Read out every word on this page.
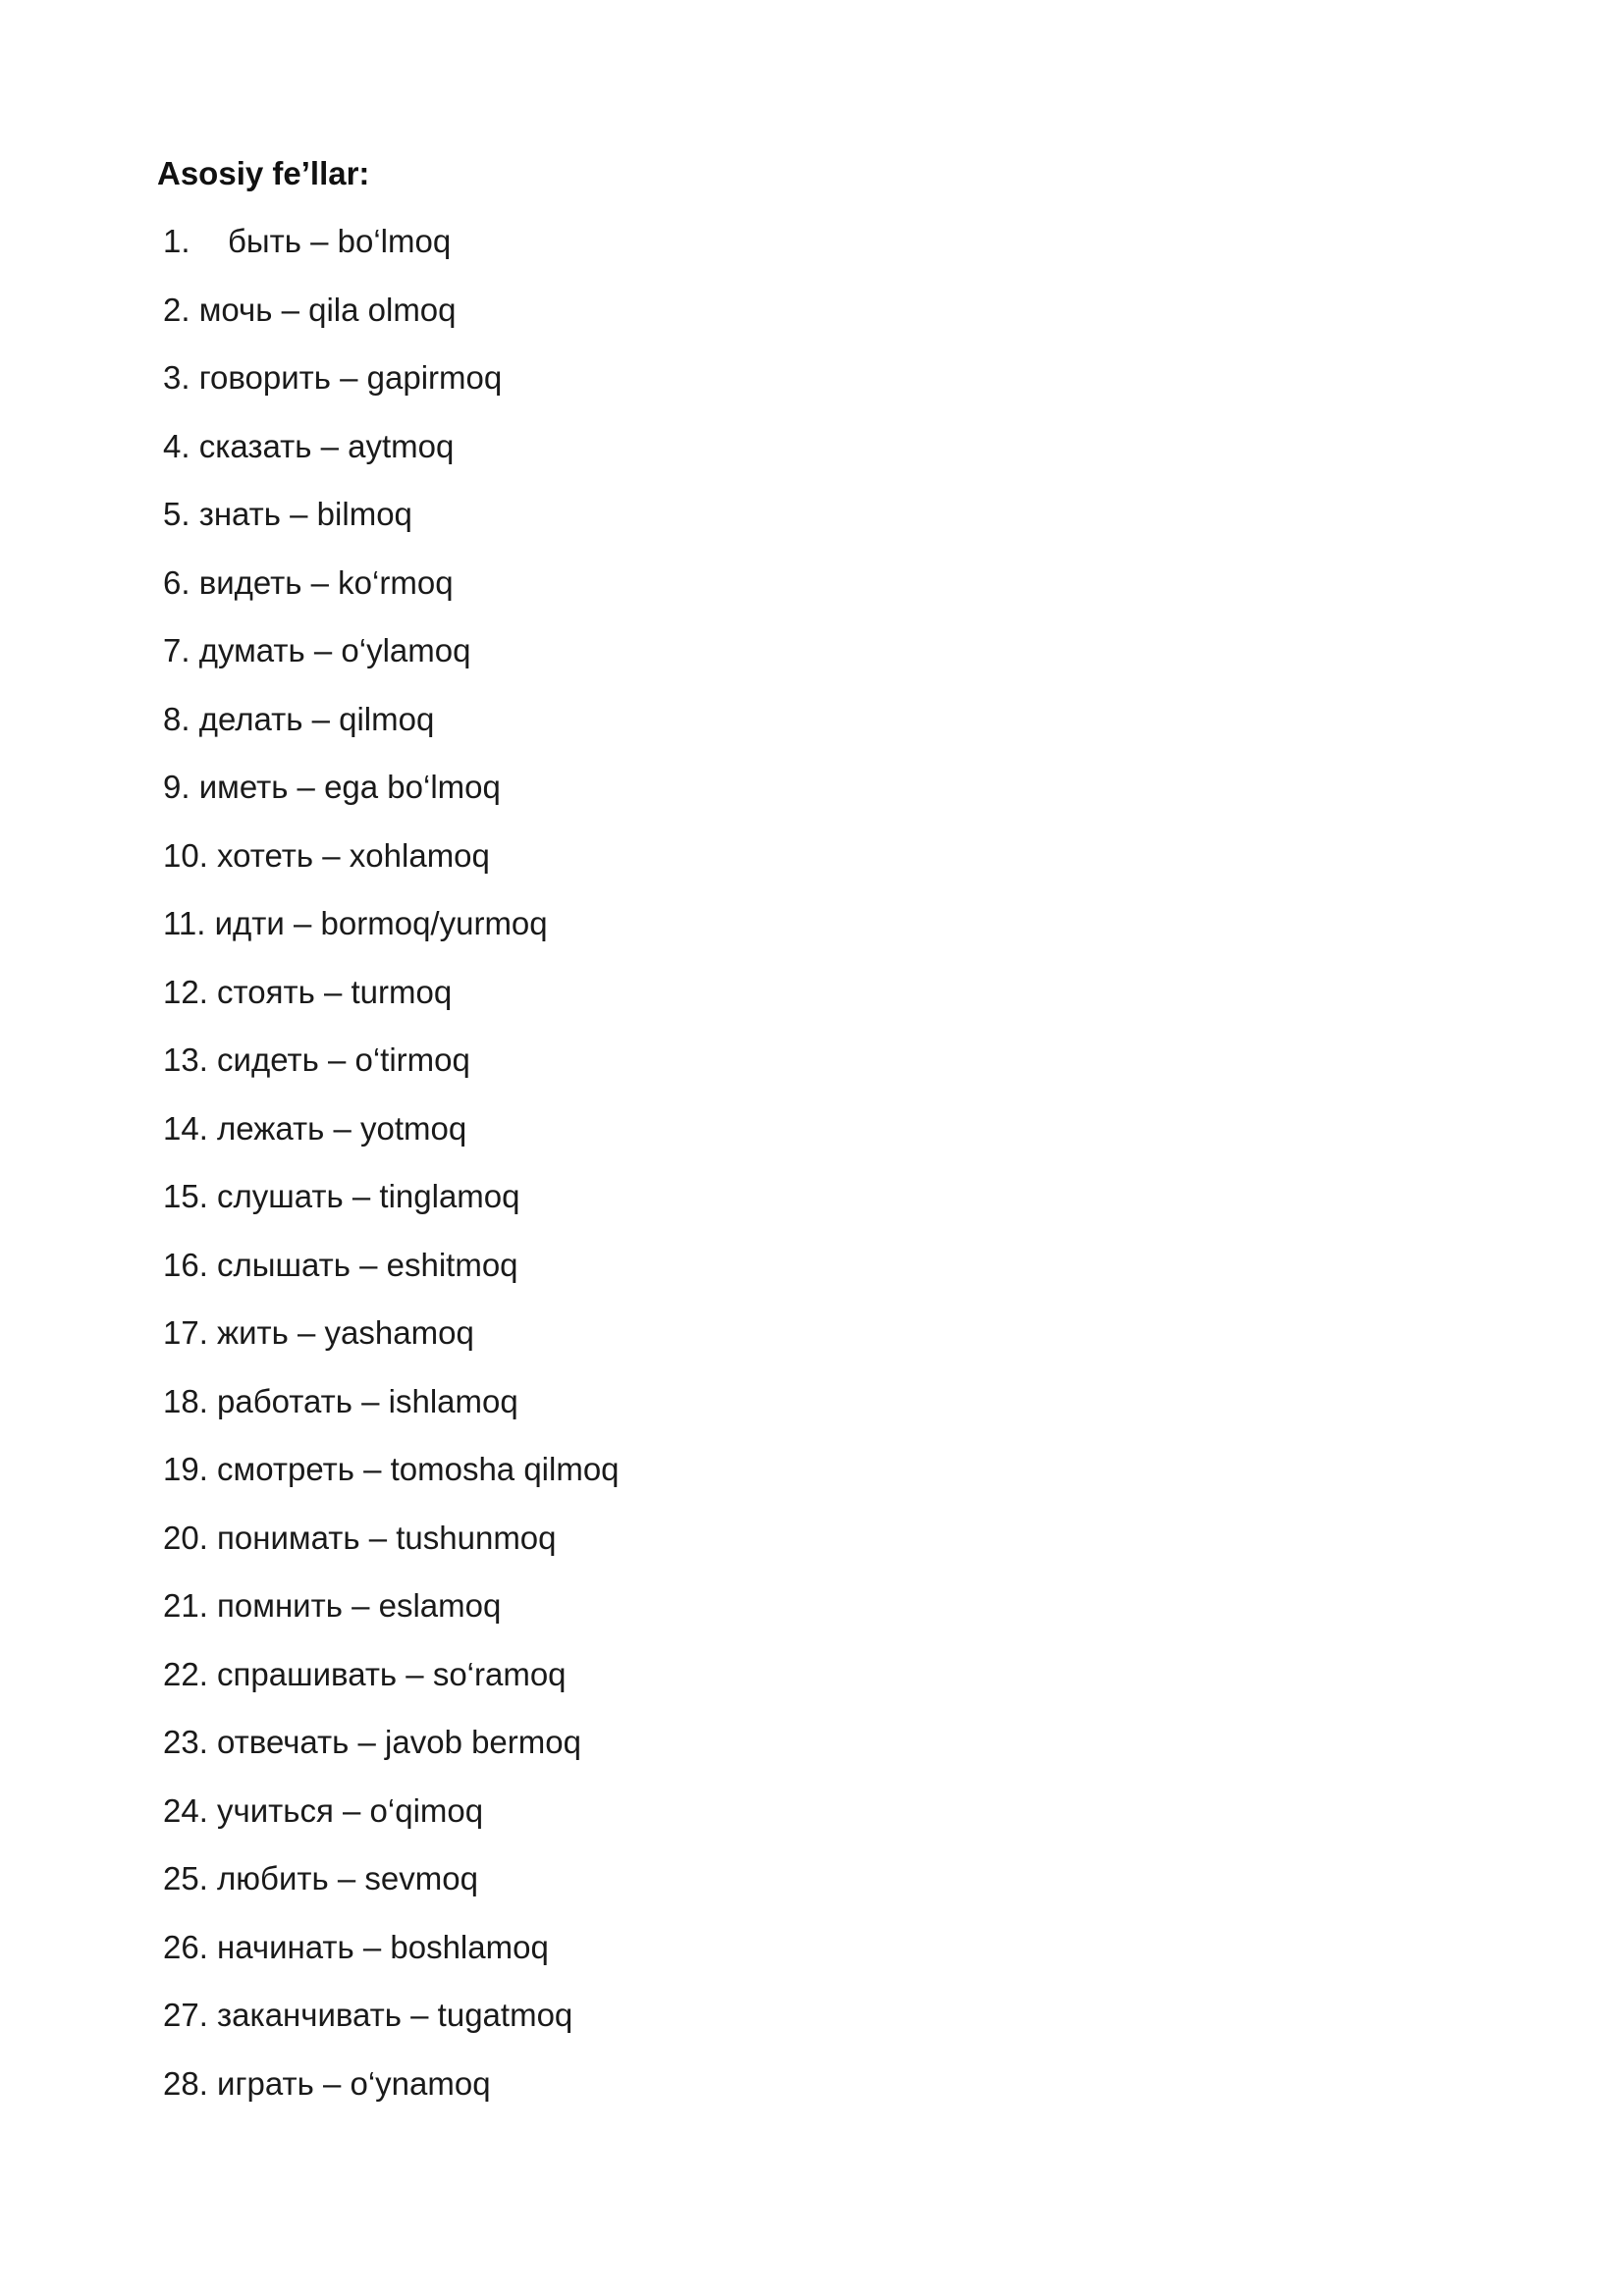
Asosiy fe’llar:
1. быть – bo‘lmoq
2. мочь – qila olmoq
3. говорить – gapirmoq
4. сказать – aytmoq
5. знать – bilmoq
6. видеть – ko‘rmoq
7. думать – o‘ylamoq
8. делать – qilmoq
9. иметь – ega bo‘lmoq
10. хотеть – xohlamoq
11. идти – bormoq/yurmoq
12. стоять – turmoq
13. сидеть – o‘tirmoq
14. лежать – yotmoq
15. слушать – tinglamoq
16. слышать – eshitmoq
17. жить – yashamoq
18. работать – ishlamoq
19. смотреть – tomosha qilmoq
20. понимать – tushunmoq
21. помнить – eslamoq
22. спрашивать – so‘ramoq
23. отвечать – javob bermoq
24. учиться – o‘qimoq
25. любить – sevmoq
26. начинать – boshlamoq
27. заканчивать – tugatmoq
28. играть – o‘ynamoq
